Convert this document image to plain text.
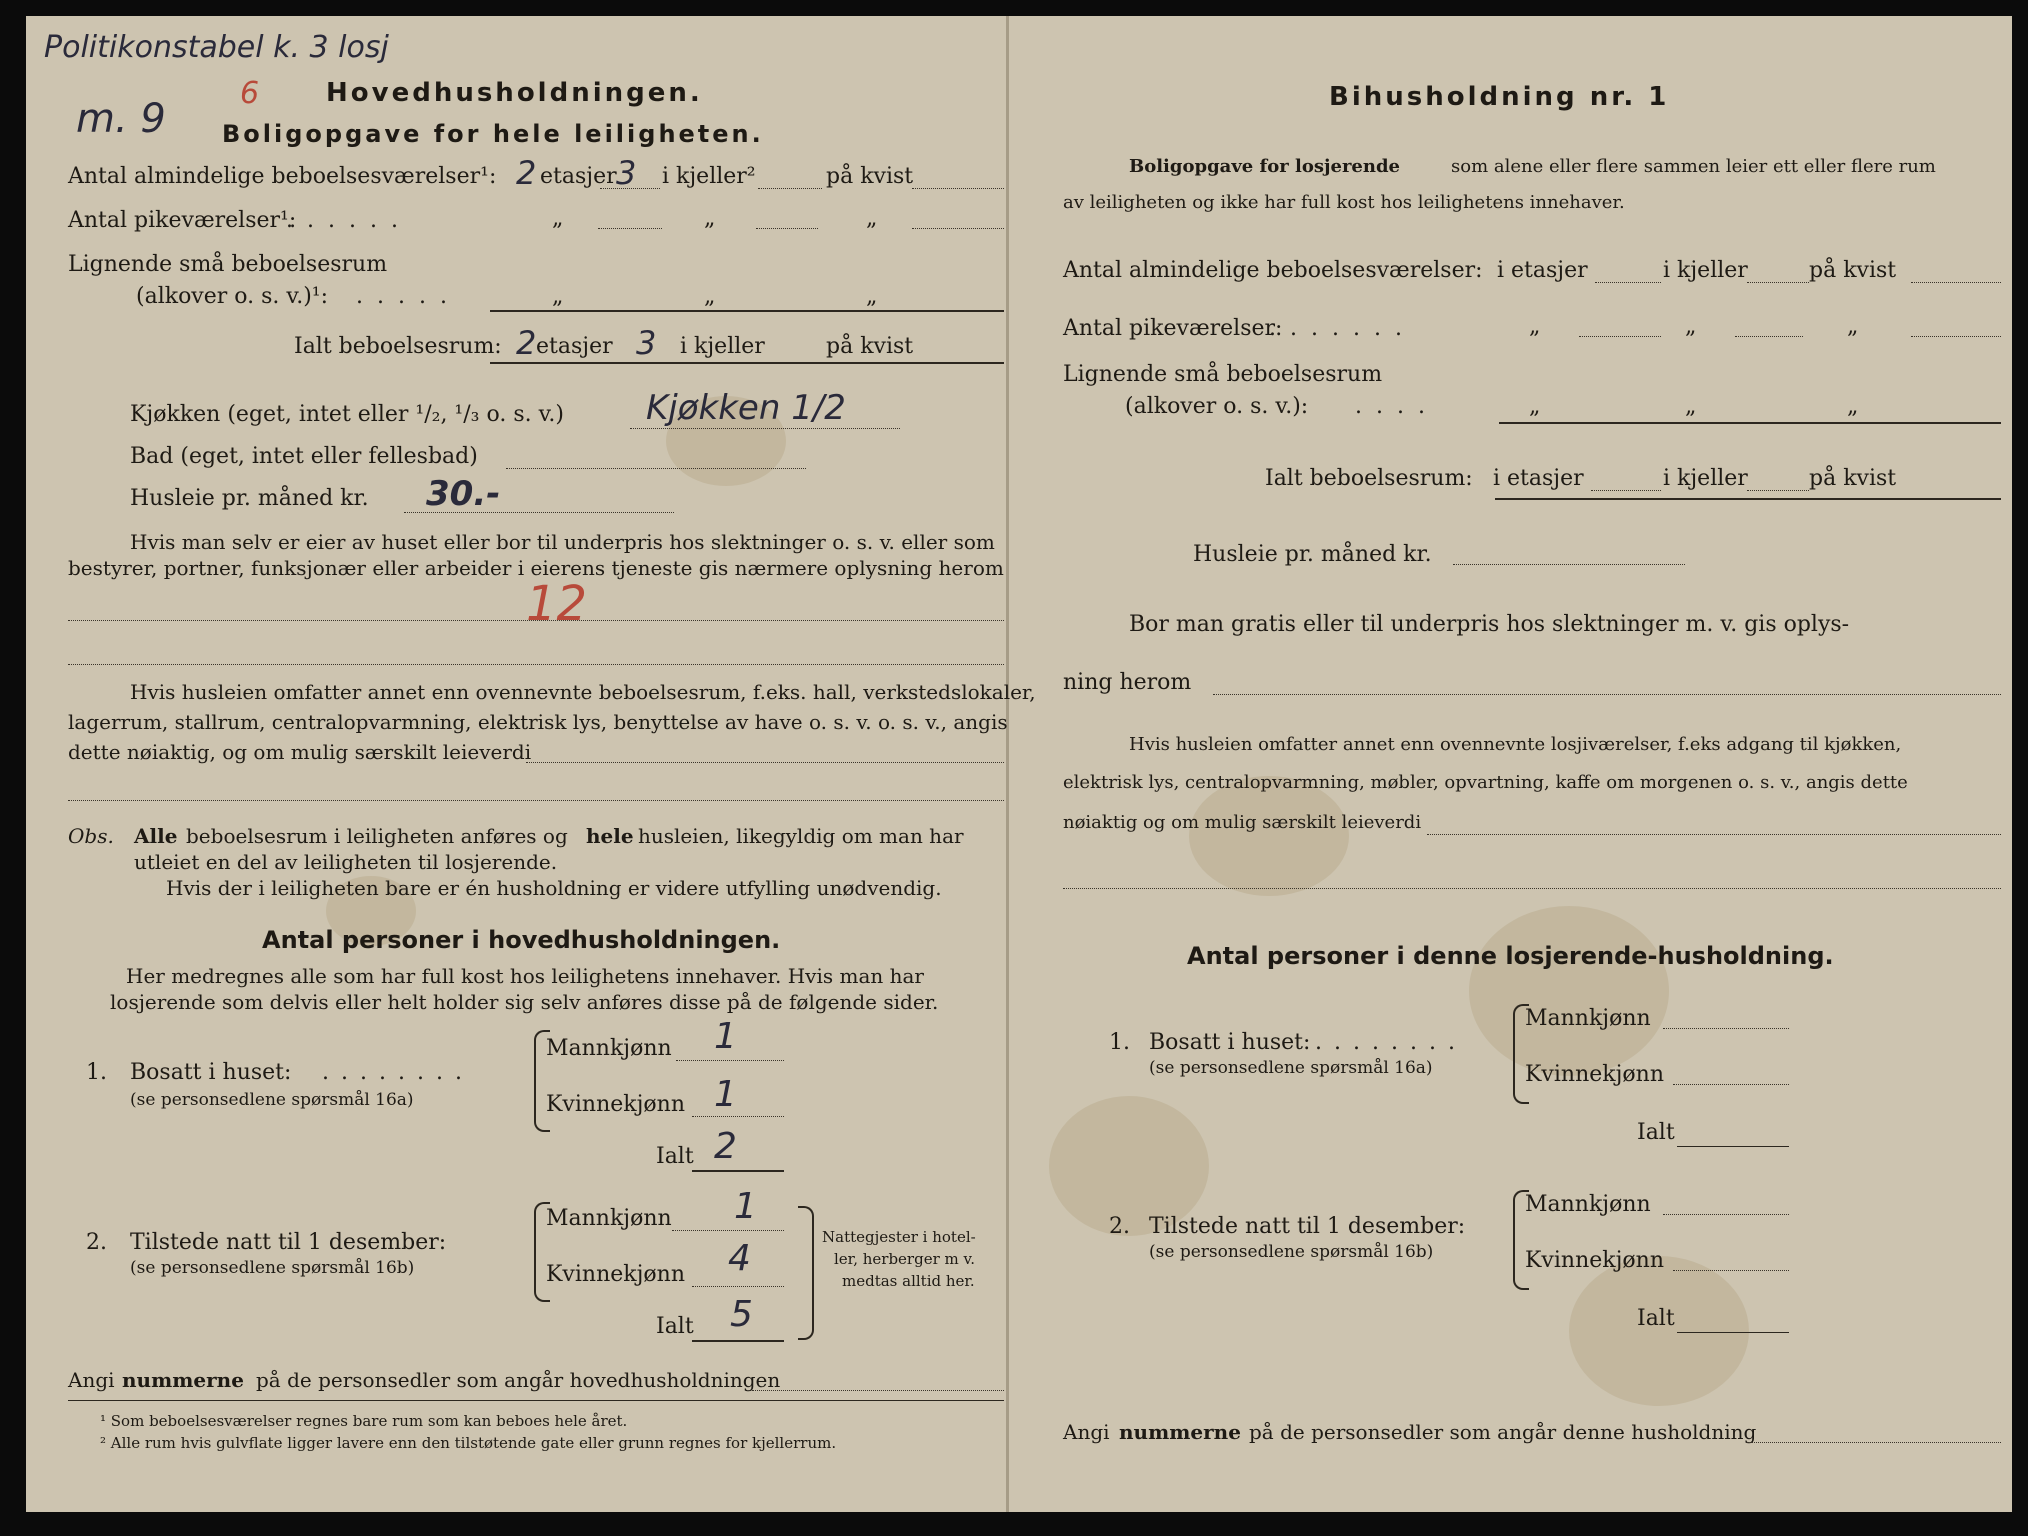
Politikonstabel k. 3 losj
m. 9
6	Hovedhusholdningen.
Boligopgave for hele leiligheten.
Antal almindelige beboelsesværelser¹: 2 etasjer 3 i kjeller²	på kvist
Antal pikeværelser¹:
......	„	„	„
Lignende små beboelsesrum
(alkover o. s. v.)¹: .....	„	„	„
Ialt beboelsesrum: 2 etasjer 3 i kjeller	på kvist
Kjøkken (eget, intet eller ¹/₂, ¹/₃ o. s. v.) Kjøkken 1/2
Bad (eget, intet eller fellesbad)
Husleie pr. måned kr. 30.-
Hvis man selv er eier av huset eller bor til underpris hos slektninger o. s. v. eller som
bestyrer, portner, funksjonær eller arbeider i eierens tjeneste gis nærmere oplysning herom
12
Hvis husleien omfatter annet enn ovennevnte beboelsesrum, f.eks. hall, verkstedslokaler,
lagerrum, stallrum, centralopvarmning, elektrisk lys, benyttelse av have o. s. v. o. s. v., angis
dette nøiaktig, og om mulig særskilt leieverdi
Obs. Alle beboelsesrum i leiligheten anføres og hele husleien, likegyldig om man har
utleiet en del av leiligheten til losjerende.
Hvis der i leiligheten bare er én husholdning er videre utfylling unødvendig.
Antal personer i hovedhusholdningen.
Her medregnes alle som har full kost hos leilighetens innehaver. Hvis man har
losjerende som delvis eller helt holder sig selv anføres disse på de følgende sider.
1. Bosatt i huset: ........
(se personsedlene spørsmål 16a)
Mannkjønn 1
Kvinnekjønn 1
Ialt 2
2. Tilstede natt til 1 desember:
(se personsedlene spørsmål 16b)
Mannkjønn 1
Kvinnekjønn 4
Ialt 5
Nattegjester i hotel-
ler, herberger m v.
medtas alltid her.
Angi nummerne på de personsedler som angår hovedhusholdningen
¹ Som beboelsesværelser regnes bare rum som kan beboes hele året.
² Alle rum hvis gulvflate ligger lavere enn den tilstøtende gate eller grunn regnes for kjellerrum.
Bihusholdning nr. 1
Boligopgave for losjerende	som alene eller flere sammen leier ett eller flere rum
av leiligheten og ikke har full kost hos leilighetens innehaver.
Antal almindelige beboelsesværelser: i etasjer	i kjeller	på kvist
Antal pikeværelser:
.......	„	„	„
Lignende små beboelsesrum
(alkover o. s. v.): ....	„	„	„
Ialt beboelsesrum: i etasjer	i kjeller	på kvist
Husleie pr. måned kr.
Bor man gratis eller til underpris hos slektninger m. v. gis oplys-
ning herom
Hvis husleien omfatter annet enn ovennevnte losjiværelser, f.eks adgang til kjøkken,
elektrisk lys, centralopvarmning, møbler, opvartning, kaffe om morgenen o. s. v., angis dette
nøiaktig og om mulig særskilt leieverdi
Antal personer i denne losjerende-husholdning.
1. Bosatt i huset: ........
(se personsedlene spørsmål 16a)
Mannkjønn
Kvinnekjønn
Ialt
2. Tilstede natt til 1 desember:
(se personsedlene spørsmål 16b)
Mannkjønn
Kvinnekjønn
Ialt
Angi nummerne på de personsedler som angår denne husholdning
